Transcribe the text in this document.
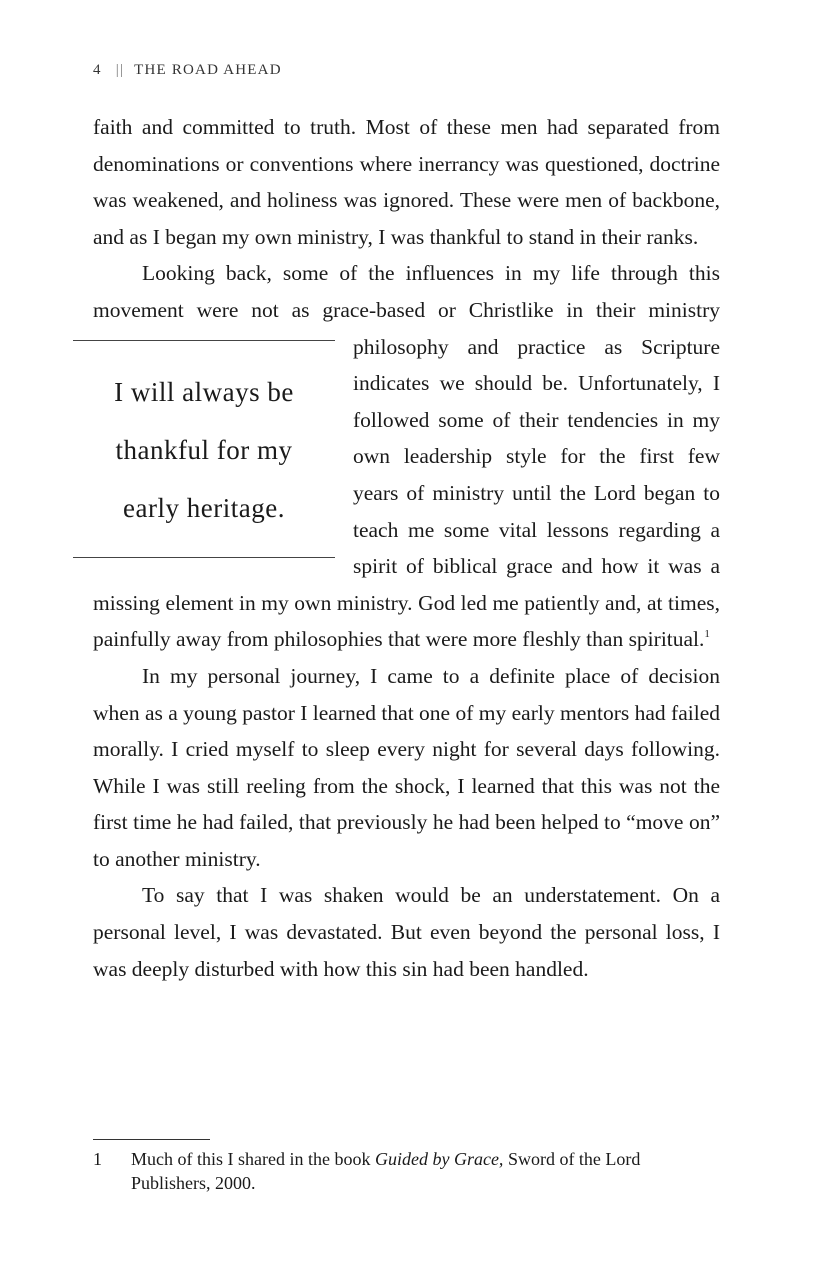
4 || THE ROAD AHEAD

faith and committed to truth. Most of these men had separated from denominations or conventions where inerrancy was questioned, doctrine was weakened, and holiness was ignored. These were men of backbone, and as I began my own ministry, I was thankful to stand in their ranks.

Looking back, some of the influences in my life through this movement were not as grace-based or Christlike in their ministry
I will always be
thankful for my
early heritage.
philosophy and practice as Scripture indicates we should be. Unfortunately, I followed some of their tendencies in my own leadership style for the first few years of ministry until the Lord began to teach me some vital lessons regarding a spirit of biblical grace and how it was a missing element in my own ministry. God led me patiently and, at times, painfully away from philosophies that were more fleshly than spiritual.$^1$

In my personal journey, I came to a definite place of decision when as a young pastor I learned that one of my early mentors had failed morally. I cried myself to sleep every night for several days following. While I was still reeling from the shock, I learned that this was not the first time he had failed, that previously he had been helped to “move on” to another ministry.

To say that I was shaken would be an understatement. On a personal level, I was devastated. But even beyond the personal loss, I was deeply disturbed with how this sin had been handled.

1 Much of this I shared in the book Guided by Grace, Sword of the Lord Publishers, 2000.
